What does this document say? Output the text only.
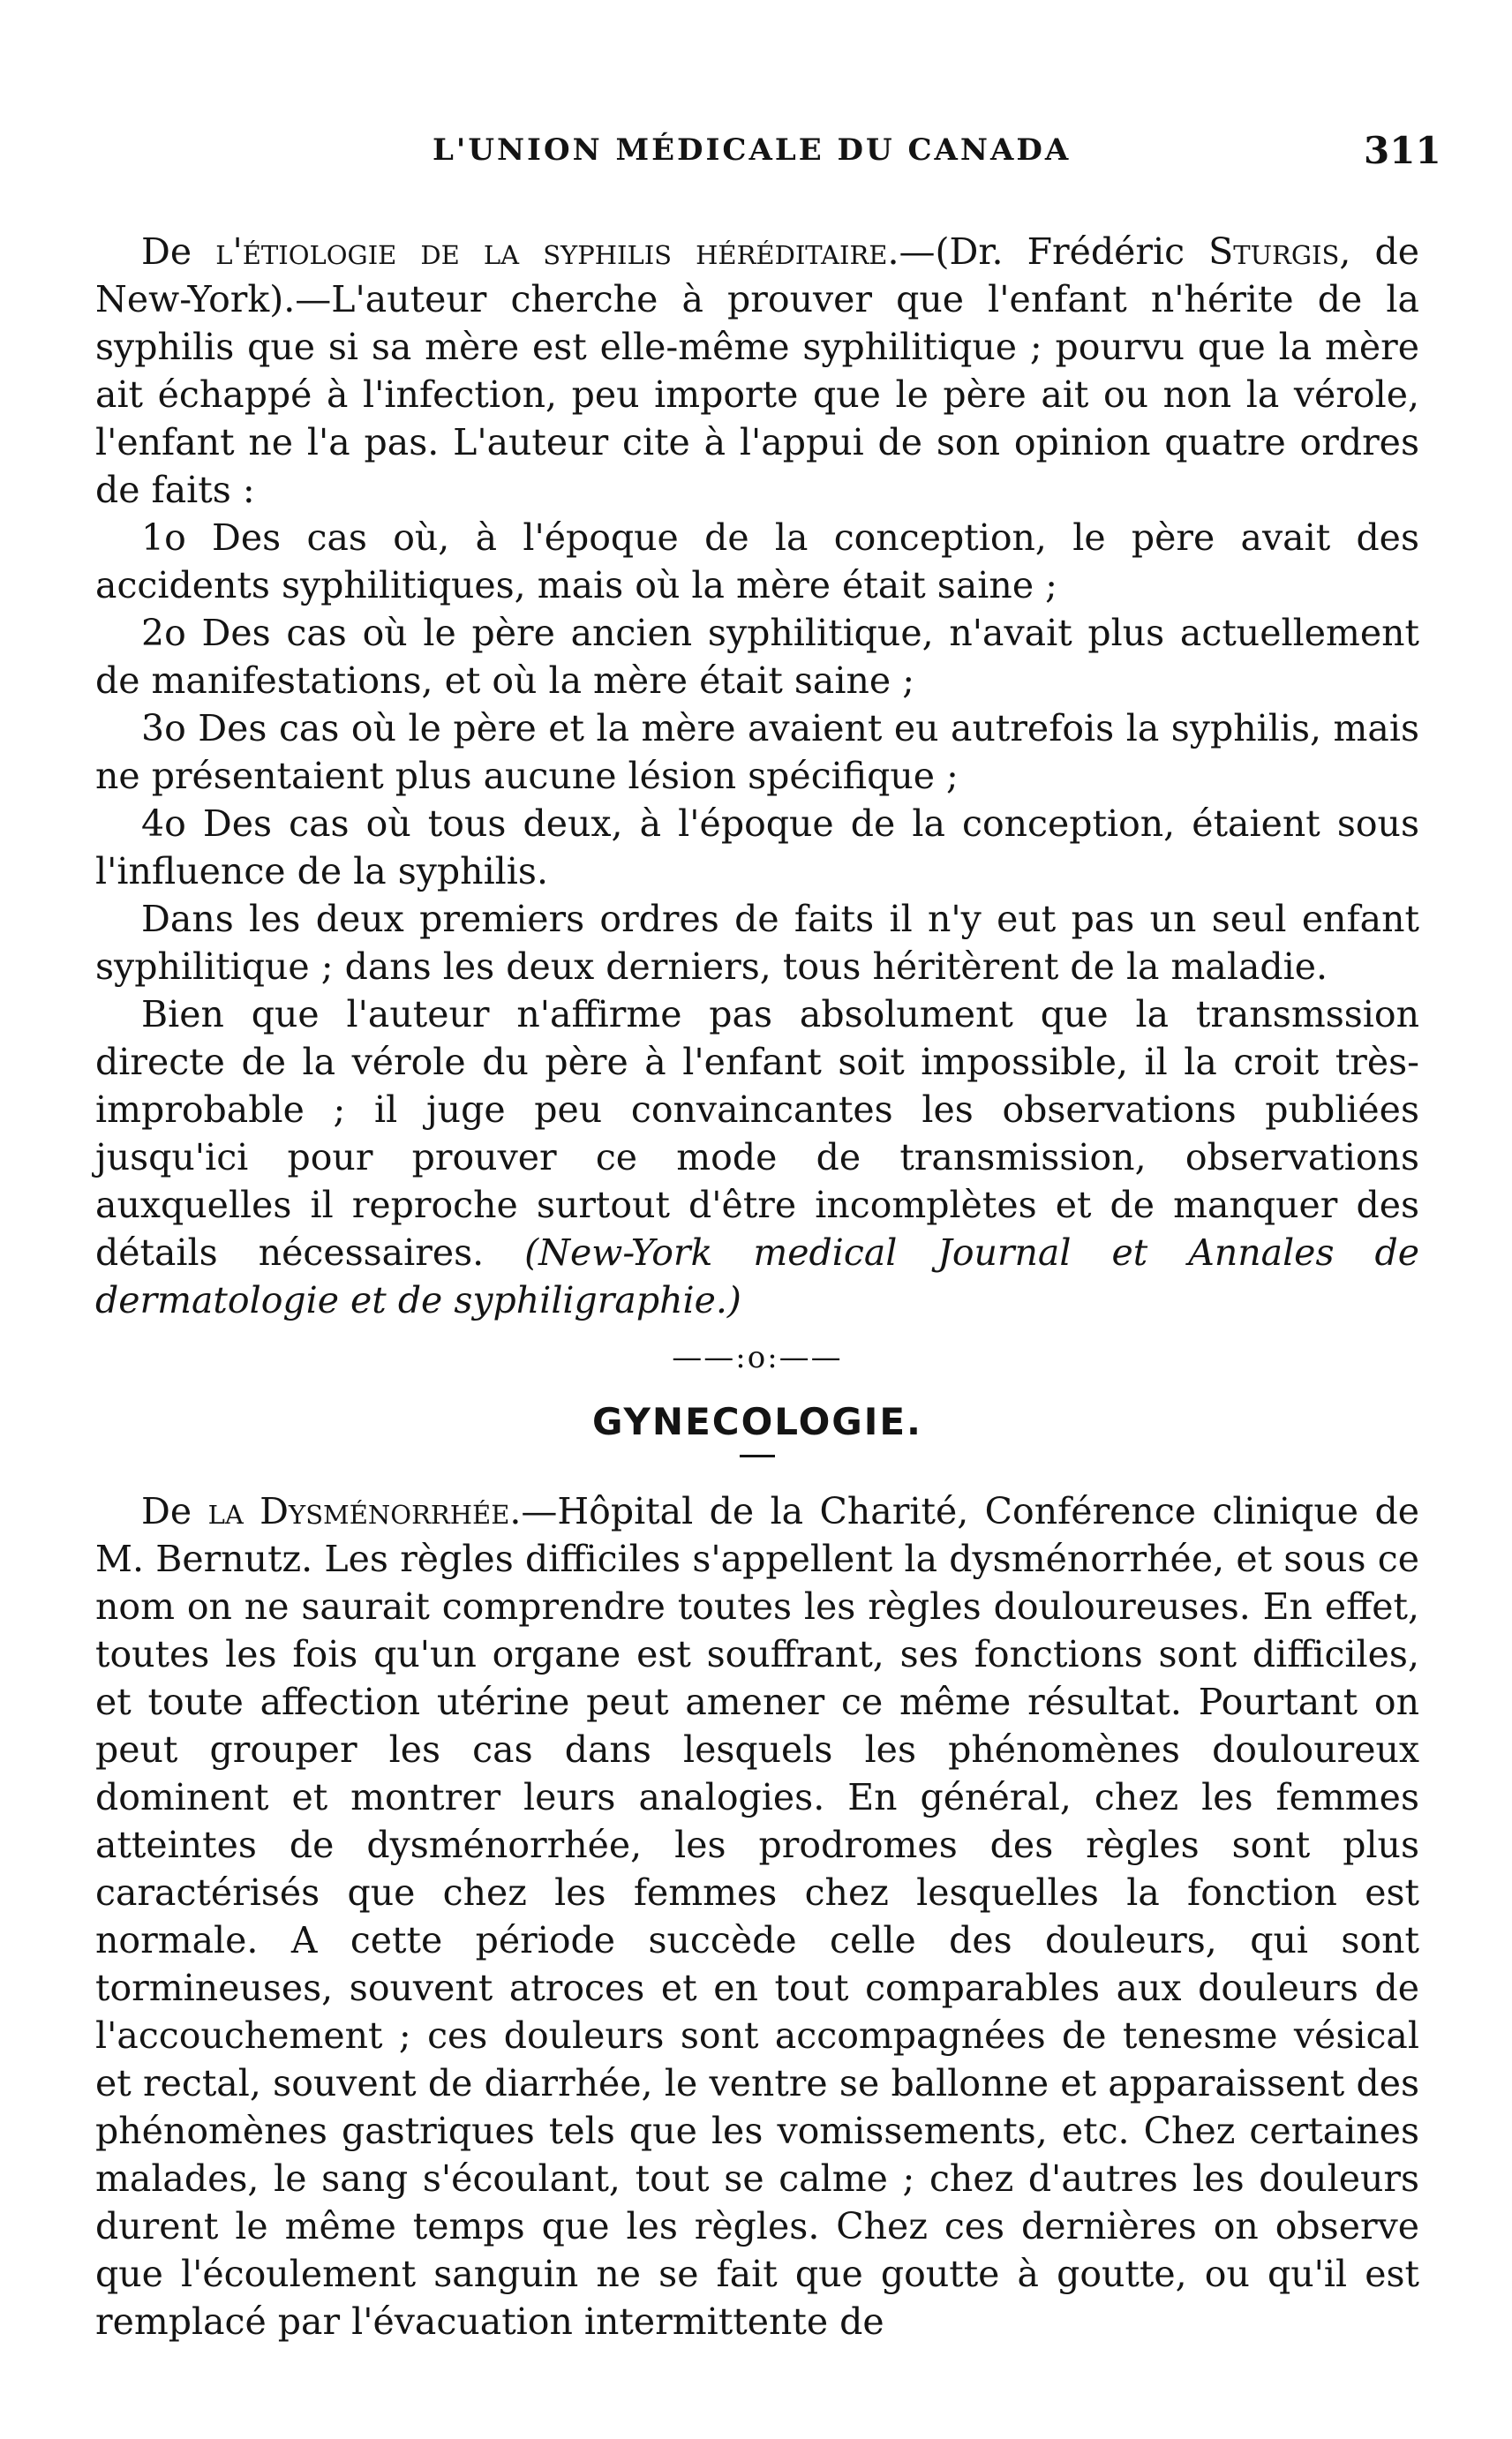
L'UNION MÉDICALE DU CANADA	311

De l'étiologie de la syphilis héréditaire.—(Dr. Frédéric Sturgis, de New-York).—L'auteur cherche à prouver que l'enfant n'hérite de la syphilis que si sa mère est elle-même syphilitique ; pourvu que la mère ait échappé à l'infection, peu importe que le père ait ou non la vérole, l'enfant ne l'a pas. L'auteur cite à l'appui de son opinion quatre ordres de faits :

1o Des cas où, à l'époque de la conception, le père avait des accidents syphilitiques, mais où la mère était saine ;

2o Des cas où le père ancien syphilitique, n'avait plus actuellement de manifestations, et où la mère était saine ;

3o Des cas où le père et la mère avaient eu autrefois la syphilis, mais ne présentaient plus aucune lésion spécifique ;

4o Des cas où tous deux, à l'époque de la conception, étaient sous l'influence de la syphilis.

Dans les deux premiers ordres de faits il n'y eut pas un seul enfant syphilitique ; dans les deux derniers, tous héritèrent de la maladie.

Bien que l'auteur n'affirme pas absolument que la transmssion directe de la vérole du père à l'enfant soit impossible, il la croit très-improbable ; il juge peu convaincantes les observations publiées jusqu'ici pour prouver ce mode de transmission, observations auxquelles il reproche surtout d'être incomplètes et de manquer des détails nécessaires. (New-York medical Journal et Annales de dermatologie et de syphiligraphie.)

——:o:——
GYNECOLOGIE.

De la Dysménorrhée.—Hôpital de la Charité, Conférence clinique de M. Bernutz. Les règles difficiles s'appellent la dysménorrhée, et sous ce nom on ne saurait comprendre toutes les règles douloureuses. En effet, toutes les fois qu'un organe est souffrant, ses fonctions sont difficiles, et toute affection utérine peut amener ce même résultat. Pourtant on peut grouper les cas dans lesquels les phénomènes douloureux dominent et montrer leurs analogies. En général, chez les femmes atteintes de dysménorrhée, les prodromes des règles sont plus caractérisés que chez les femmes chez lesquelles la fonction est normale. A cette période succède celle des douleurs, qui sont tormineuses, souvent atroces et en tout comparables aux douleurs de l'accouchement ; ces douleurs sont accompagnées de tenesme vésical et rectal, souvent de diarrhée, le ventre se ballonne et apparaissent des phénomènes gastriques tels que les vomissements, etc. Chez certaines malades, le sang s'écoulant, tout se calme ; chez d'autres les douleurs durent le même temps que les règles. Chez ces dernières on observe que l'écoulement sanguin ne se fait que goutte à goutte, ou qu'il est remplacé par l'évacuation intermittente de
